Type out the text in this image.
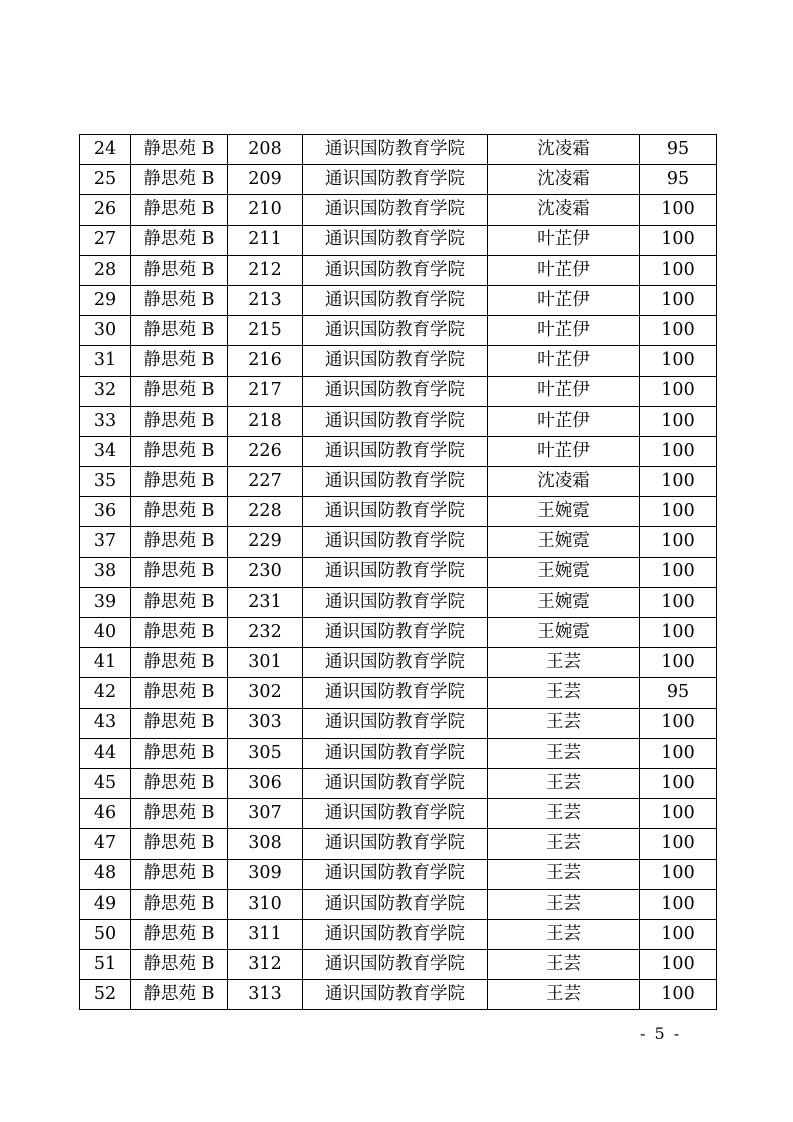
24	静思苑 B	208	通识国防教育学院	沈凌霜	95
25	静思苑 B	209	通识国防教育学院	沈凌霜	95
26	静思苑 B	210	通识国防教育学院	沈凌霜	100
27	静思苑 B	211	通识国防教育学院	叶芷伊	100
28	静思苑 B	212	通识国防教育学院	叶芷伊	100
29	静思苑 B	213	通识国防教育学院	叶芷伊	100
30	静思苑 B	215	通识国防教育学院	叶芷伊	100
31	静思苑 B	216	通识国防教育学院	叶芷伊	100
32	静思苑 B	217	通识国防教育学院	叶芷伊	100
33	静思苑 B	218	通识国防教育学院	叶芷伊	100
34	静思苑 B	226	通识国防教育学院	叶芷伊	100
35	静思苑 B	227	通识国防教育学院	沈凌霜	100
36	静思苑 B	228	通识国防教育学院	王婉霓	100
37	静思苑 B	229	通识国防教育学院	王婉霓	100
38	静思苑 B	230	通识国防教育学院	王婉霓	100
39	静思苑 B	231	通识国防教育学院	王婉霓	100
40	静思苑 B	232	通识国防教育学院	王婉霓	100
41	静思苑 B	301	通识国防教育学院	王芸	100
42	静思苑 B	302	通识国防教育学院	王芸	95
43	静思苑 B	303	通识国防教育学院	王芸	100
44	静思苑 B	305	通识国防教育学院	王芸	100
45	静思苑 B	306	通识国防教育学院	王芸	100
46	静思苑 B	307	通识国防教育学院	王芸	100
47	静思苑 B	308	通识国防教育学院	王芸	100
48	静思苑 B	309	通识国防教育学院	王芸	100
49	静思苑 B	310	通识国防教育学院	王芸	100
50	静思苑 B	311	通识国防教育学院	王芸	100
51	静思苑 B	312	通识国防教育学院	王芸	100
52	静思苑 B	313	通识国防教育学院	王芸	100
- 5 -
